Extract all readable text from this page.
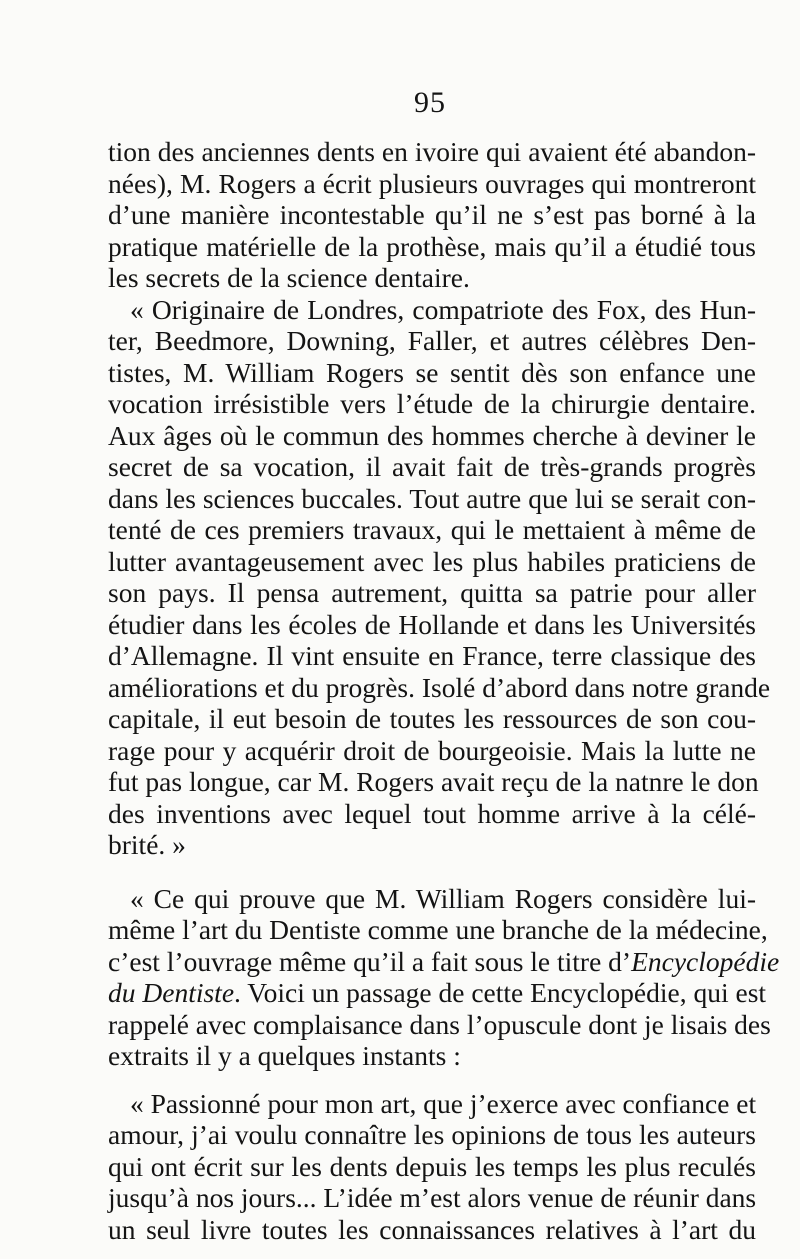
95
tion des anciennes dents en ivoire qui avaient été abandon-
nées), M. Rogers a écrit plusieurs ouvrages qui montreront
d’une manière incontestable qu’il ne s’est pas borné à la
pratique matérielle de la prothèse, mais qu’il a étudié tous
les secrets de la science dentaire.
« Originaire de Londres, compatriote des Fox, des Hun-
ter, Beedmore, Downing, Faller, et autres célèbres Den-
tistes, M. William Rogers se sentit dès son enfance une
vocation irrésistible vers l’étude de la chirurgie dentaire.
Aux âges où le commun des hommes cherche à deviner le
secret de sa vocation, il avait fait de très-grands progrès
dans les sciences buccales. Tout autre que lui se serait con-
tenté de ces premiers travaux, qui le mettaient à même de
lutter avantageusement avec les plus habiles praticiens de
son pays. Il pensa autrement, quitta sa patrie pour aller
étudier dans les écoles de Hollande et dans les Universités
d’Allemagne. Il vint ensuite en France, terre classique des
améliorations et du progrès. Isolé d’abord dans notre grande
capitale, il eut besoin de toutes les ressources de son cou-
rage pour y acquérir droit de bourgeoisie. Mais la lutte ne
fut pas longue, car M. Rogers avait reçu de la natnre le don
des inventions avec lequel tout homme arrive à la célé-
brité. »
« Ce qui prouve que M. William Rogers considère lui-
même l’art du Dentiste comme une branche de la médecine,
c’est l’ouvrage même qu’il a fait sous le titre d’Encyclopédie
du Dentiste. Voici un passage de cette Encyclopédie, qui est
rappelé avec complaisance dans l’opuscule dont je lisais des
extraits il y a quelques instants :
« Passionné pour mon art, que j’exerce avec confiance et
amour, j’ai voulu connaître les opinions de tous les auteurs
qui ont écrit sur les dents depuis les temps les plus reculés
jusqu’à nos jours... L’idée m’est alors venue de réunir dans
un seul livre toutes les connaissances relatives à l’art du
